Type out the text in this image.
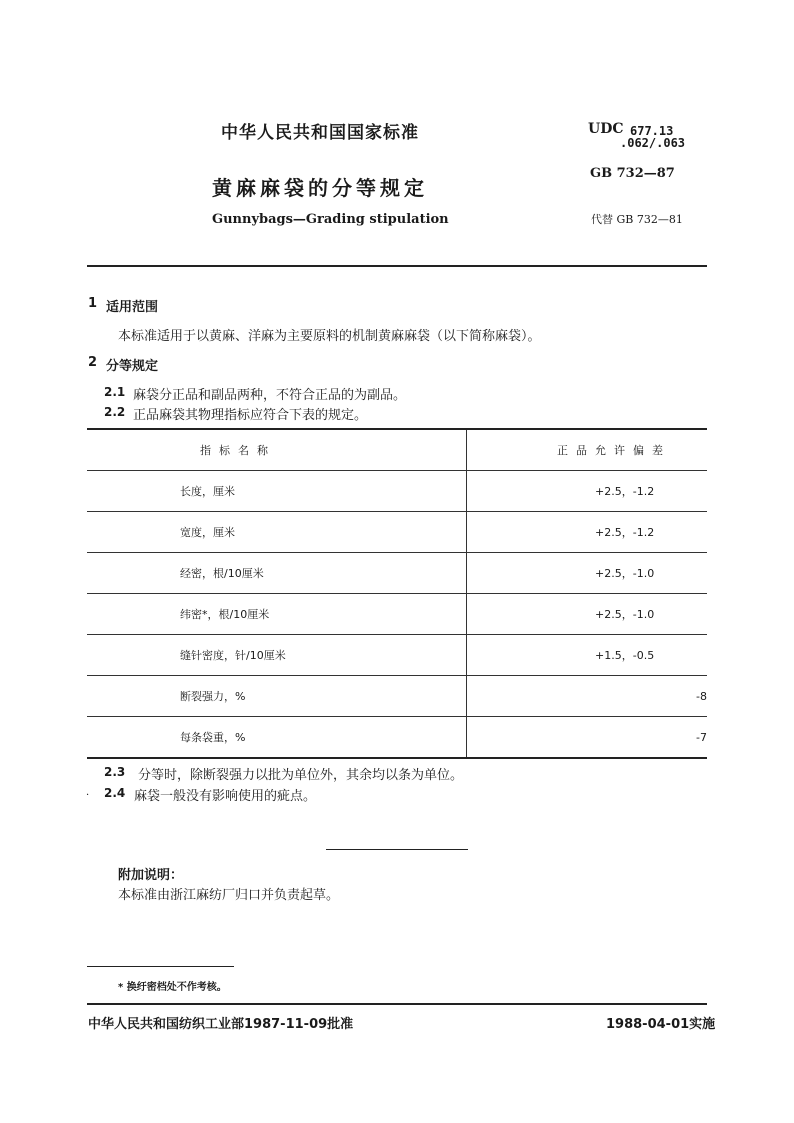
中华人民共和国国家标准
黄麻麻袋的分等规定
Gunnybags—Grading stipulation
UDC 677.13
.062/.063
GB 732—87
代替 GB 732—81
1 适用范围
本标准适用于以黄麻、洋麻为主要原料的机制黄麻麻袋（以下简称麻袋）。
2 分等规定
2.1 麻袋分正品和副品两种，不符合正品的为副品。
2.2 正品麻袋其物理指标应符合下表的规定。
指标名称	正品允许偏差
长度，厘米	+2.5，-1.2
宽度，厘米	+2.5，-1.2
经密，根/10厘米	+2.5，-1.0
纬密*，根/10厘米	+2.5，-1.0
缝针密度，针/10厘米	+1.5，-0.5
断裂强力，%	-8
每条袋重，%	-7
2.3 分等时，除断裂强力以批为单位外，其余均以条为单位。
· 2.4 麻袋一般没有影响使用的疵点。
附加说明：
本标准由浙江麻纺厂归口并负责起草。
* 换纡密档处不作考核。
中华人民共和国纺织工业部1987-11-09批准	1988-04-01实施
